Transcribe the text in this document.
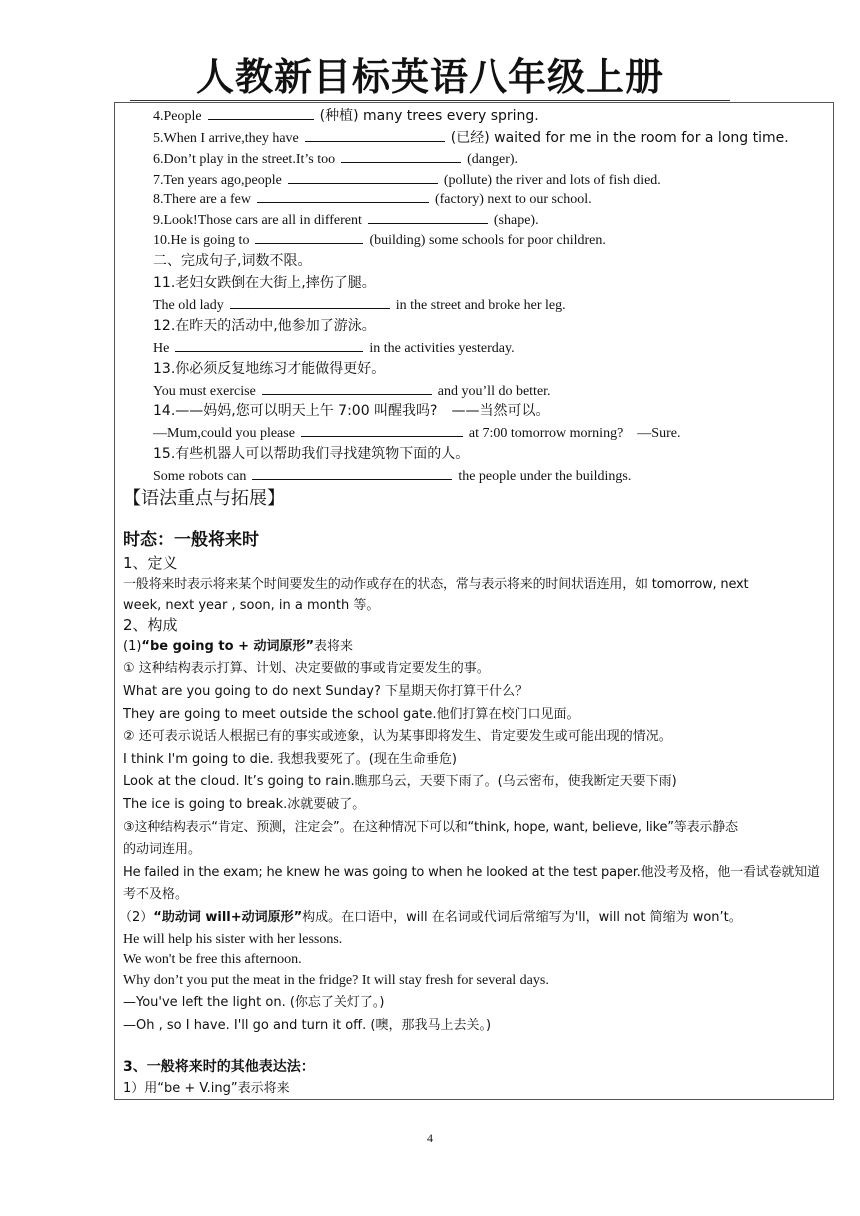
人教新目标英语八年级上册
4.People	(种植) many trees every spring.
5.When I arrive,they have	(已经) waited for me in the room for a long time.
6.Don’t play in the street.It’s too	(danger).
7.Ten years ago,people	(pollute) the river and lots of fish died.
8.There are a few	(factory) next to our school.
9.Look!Those cars are all in different	(shape).
10.He is going to	(building) some schools for poor children.
二、完成句子,词数不限。
11.老妇女跌倒在大街上,摔伤了腿。
The old lady	in the street and broke her leg.
12.在昨天的活动中,他参加了游泳。
He	in the activities yesterday.
13.你必须反复地练习才能做得更好。
You must exercise	and you’ll do better.
14.——妈妈,您可以明天上午 7:00 叫醒我吗?　——当然可以。
—Mum,could you please	at 7:00 tomorrow morning?　—Sure.
15.有些机器人可以帮助我们寻找建筑物下面的人。
Some robots can	the people under the buildings.
【语法重点与拓展】
时态：一般将来时
1、定义
一般将来时表示将来某个时间要发生的动作或存在的状态，常与表示将来的时间状语连用，如 tomorrow, next
week, next year , soon, in a month 等。
2、构成
(1)“be going to + 动词原形”表将来
① 这种结构表示打算、计划、决定要做的事或肯定要发生的事。
What are you going to do next Sunday? 下星期天你打算干什么？
They are going to meet outside the school gate.他们打算在校门口见面。
② 还可表示说话人根据已有的事实或迹象，认为某事即将发生、肯定要发生或可能出现的情况。
I think I'm going to die. 我想我要死了。(现在生命垂危)
Look at the cloud. It’s going to rain.瞧那乌云，天要下雨了。(乌云密布，使我断定天要下雨)
The ice is going to break.冰就要破了。
③这种结构表示“肯定、预测，注定会”。在这种情况下可以和“think, hope, want, believe, like”等表示静态
的动词连用。
He failed in the exam; he knew he was going to when he looked at the test paper.他没考及格，他一看试卷就知道
考不及格。
（2）“助动词 will+动词原形”构成。在口语中，will 在名词或代词后常缩写为'll，will not 简缩为 won’t。
He will help his sister with her lessons.
We won't be free this afternoon.
Why don’t you put the meat in the fridge? It will stay fresh for several days.
—You've left the light on. (你忘了关灯了。)
—Oh , so I have. I'll go and turn it off. (噢，那我马上去关。)
3、一般将来时的其他表达法：
1）用“be + V.ing”表示将来
4
